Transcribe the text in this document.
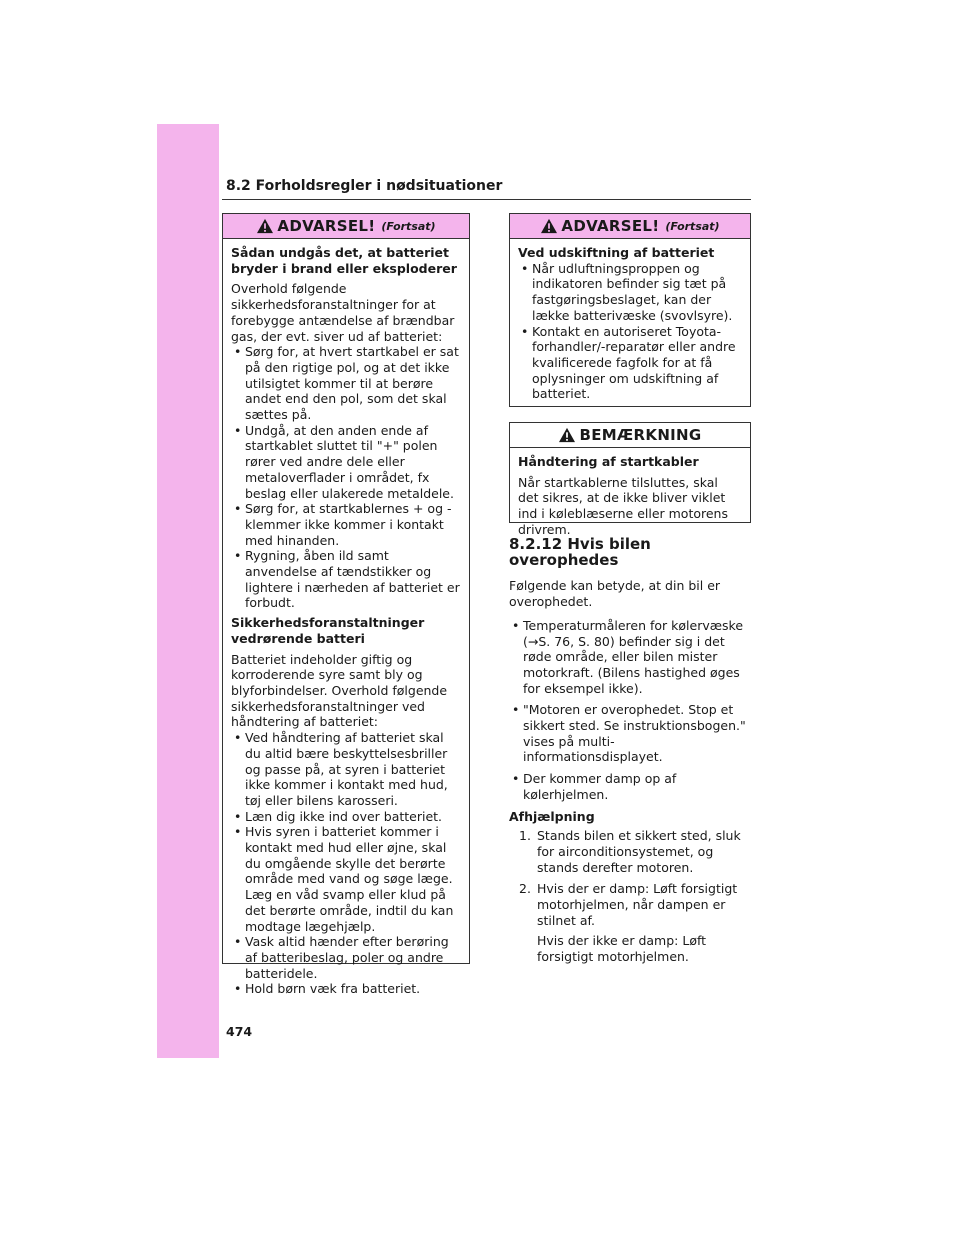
8.2 Forholdsregler i nødsituationer
ADVARSEL! (Fortsat)

Sådan undgås det, at batteriet bryder i brand eller eksploderer

Overhold følgende sikkerhedsforanstaltninger for at forebygge antændelse af brændbar gas, der evt. siver ud af batteriet:

• Sørg for, at hvert startkabel er sat på den rigtige pol, og at det ikke utilsigtet kommer til at berøre andet end den pol, som det skal sættes på.
• Undgå, at den anden ende af startkablet sluttet til "+" polen rører ved andre dele eller metaloverflader i området, fx beslag eller ulakerede metaldele.
• Sørg for, at startkablernes + og - klemmer ikke kommer i kontakt med hinanden.
• Rygning, åben ild samt anvendelse af tændstikker og lightere i nærheden af batteriet er forbudt.

Sikkerhedsforanstaltninger vedrørende batteri

Batteriet indeholder giftig og korroderende syre samt bly og blyforbindelser. Overhold følgende sikkerhedsforanstaltninger ved håndtering af batteriet:

• Ved håndtering af batteriet skal du altid bære beskyttelsesbriller og passe på, at syren i batteriet ikke kommer i kontakt med hud, tøj eller bilens karosseri.
• Læn dig ikke ind over batteriet.
• Hvis syren i batteriet kommer i kontakt med hud eller øjne, skal du omgående skylle det berørte område med vand og søge læge. Læg en våd svamp eller klud på det berørte område, indtil du kan modtage lægehjælp.
• Vask altid hænder efter berøring af batteribeslag, poler og andre batteridele.
• Hold børn væk fra batteriet.
ADVARSEL! (Fortsat)

Ved udskiftning af batteriet

• Når udluftningsproppen og indikatoren befinder sig tæt på fastgøringsbeslaget, kan der lække batterivæske (svovlsyre).
• Kontakt en autoriseret Toyota-forhandler/-reparatør eller andre kvalificerede fagfolk for at få oplysninger om udskiftning af batteriet.
BEMÆRKNING

Håndtering af startkabler

Når startkablerne tilsluttes, skal det sikres, at de ikke bliver viklet ind i køleblæserne eller motorens drivrem.

8.2.12 Hvis bilen overophedes

Følgende kan betyde, at din bil er overophedet.

• Temperaturmåleren for kølervæske (→S. 76, S. 80) befinder sig i det røde område, eller bilen mister motorkraft. (Bilens hastighed øges for eksempel ikke).
• "Motoren er overophedet. Stop et sikkert sted. Se instruktionsbogen." vises på multi-informationsdisplayet.
• Der kommer damp op af kølerhjelmen.

Afhjælpning

1. Stands bilen et sikkert sted, sluk for airconditionsystemet, og stands derefter motoren.
2. Hvis der er damp: Løft forsigtigt motorhjelmen, når dampen er stilnet af.
Hvis der ikke er damp: Løft forsigtigt motorhjelmen.
474
